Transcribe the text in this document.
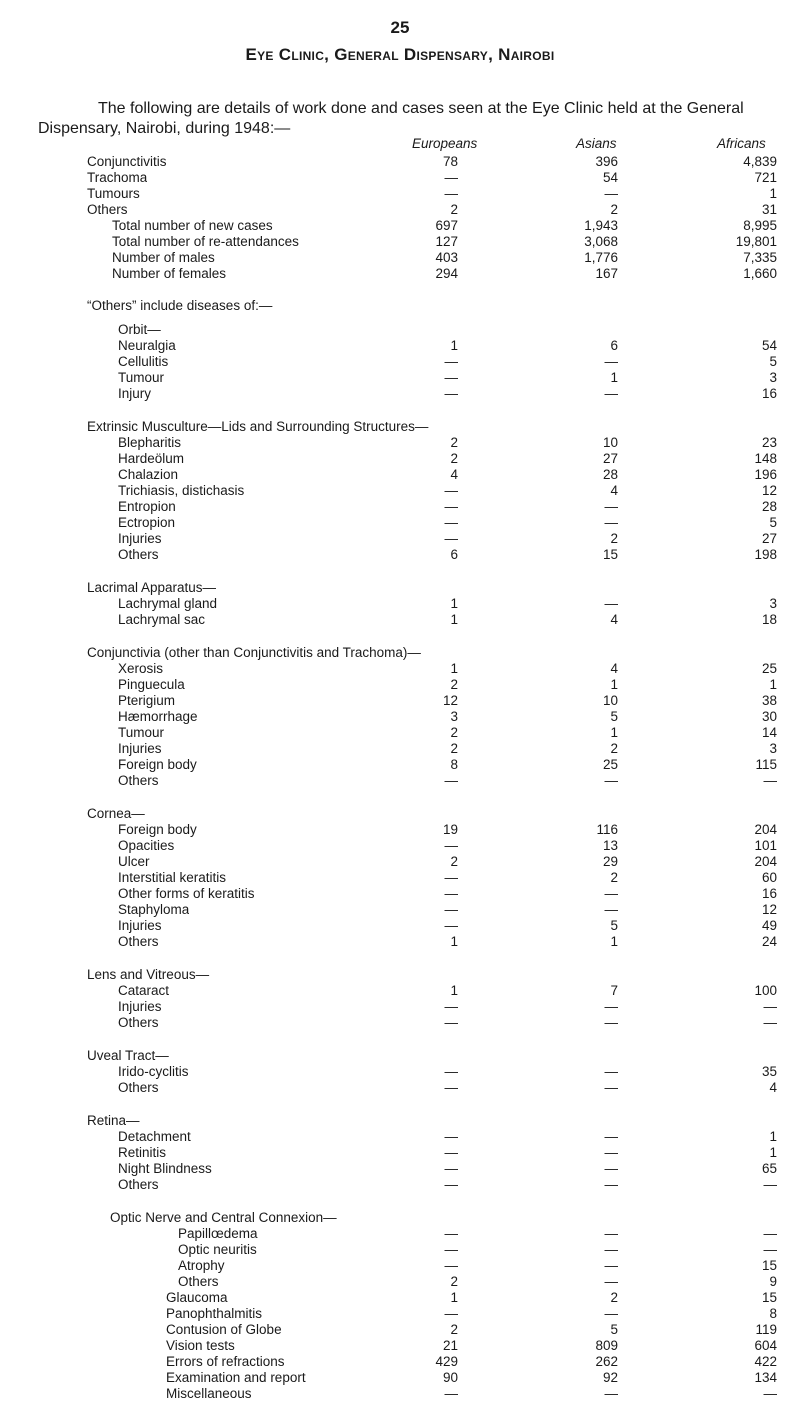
25
Eye Clinic, General Dispensary, Nairobi
The following are details of work done and cases seen at the Eye Clinic held at the General
Dispensary, Nairobi, during 1948:—
Europeans	Asians	Africans
Conjunctivitis	78	396	4,839
Trachoma	—	54	721
Tumours	—	—	1
Others	2	2	31
Total number of new cases	697	1,943	8,995
Total number of re-attendances	127	3,068	19,801
Number of males	403	1,776	7,335
Number of females	294	167	1,660
“Others” include diseases of:—
Orbit—
Neuralgia	1	6	54
Cellulitis	—	—	5
Tumour	—	1	3
Injury	—	—	16
Extrinsic Musculture—Lids and Surrounding Structures—
Blepharitis	2	10	23
Hardeölum	2	27	148
Chalazion	4	28	196
Trichiasis, distichasis	—	4	12
Entropion	—	—	28
Ectropion	—	—	5
Injuries	—	2	27
Others	6	15	198
Lacrimal Apparatus—
Lachrymal gland	1	—	3
Lachrymal sac	1	4	18
Conjunctivia (other than Conjunctivitis and Trachoma)—
Xerosis	1	4	25
Pinguecula	2	1	1
Pterigium	12	10	38
Hæmorrhage	3	5	30
Tumour	2	1	14
Injuries	2	2	3
Foreign body	8	25	115
Others	—	—	—
Cornea—
Foreign body	19	116	204
Opacities	—	13	101
Ulcer	2	29	204
Interstitial keratitis	—	2	60
Other forms of keratitis	—	—	16
Staphyloma	—	—	12
Injuries	—	5	49
Others	1	1	24
Lens and Vitreous—
Cataract	1	7	100
Injuries	—	—	—
Others	—	—	—
Uveal Tract—
Irido-cyclitis	—	—	35
Others	—	—	4
Retina—
Detachment	—	—	1
Retinitis	—	—	1
Night Blindness	—	—	65
Others	—	—	—
Optic Nerve and Central Connexion—
Papillœdema	—	—	—
Optic neuritis	—	—	—
Atrophy	—	—	15
Others	2	—	9
Glaucoma	1	2	15
Panophthalmitis	—	—	8
Contusion of Globe	2	5	119
Vision tests	21	809	604
Errors of refractions	429	262	422
Examination and report	90	92	134
Miscellaneous	—	—	—
